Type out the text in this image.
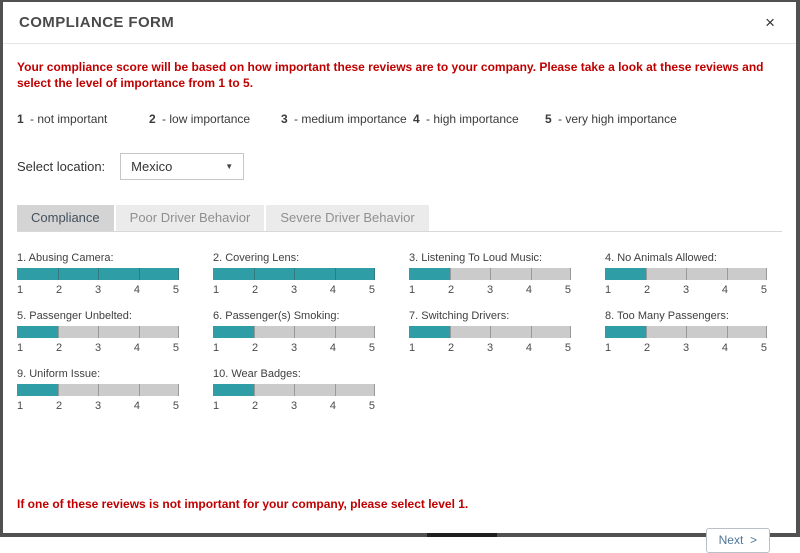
COMPLIANCE FORM	×

Your compliance score will be based on how important these reviews are to your company. Please take a look at these reviews and select the level of importance from 1 to 5.

1 - not important	2 - low importance	3 - medium importance 4 - high importance	5 - very high importance
Select location: Mexico	▼
Compliance	Poor Driver Behavior	Severe Driver Behavior
1. Abusing Camera:
1	2	3	4	5
2. Covering Lens:
1	2	3	4	5
3. Listening To Loud Music:
1	2	3	4	5
4. No Animals Allowed:
1	2	3	4	5
5. Passenger Unbelted:
1	2	3	4	5
6. Passenger(s) Smoking:
1	2	3	4	5
7. Switching Drivers:
1	2	3	4	5
8. Too Many Passengers:
1	2	3	4	5
9. Uniform Issue:
1	2	3	4	5
10. Wear Badges:
1	2	3	4	5

If one of these reviews is not important for your company, please select level 1.

Next  >
